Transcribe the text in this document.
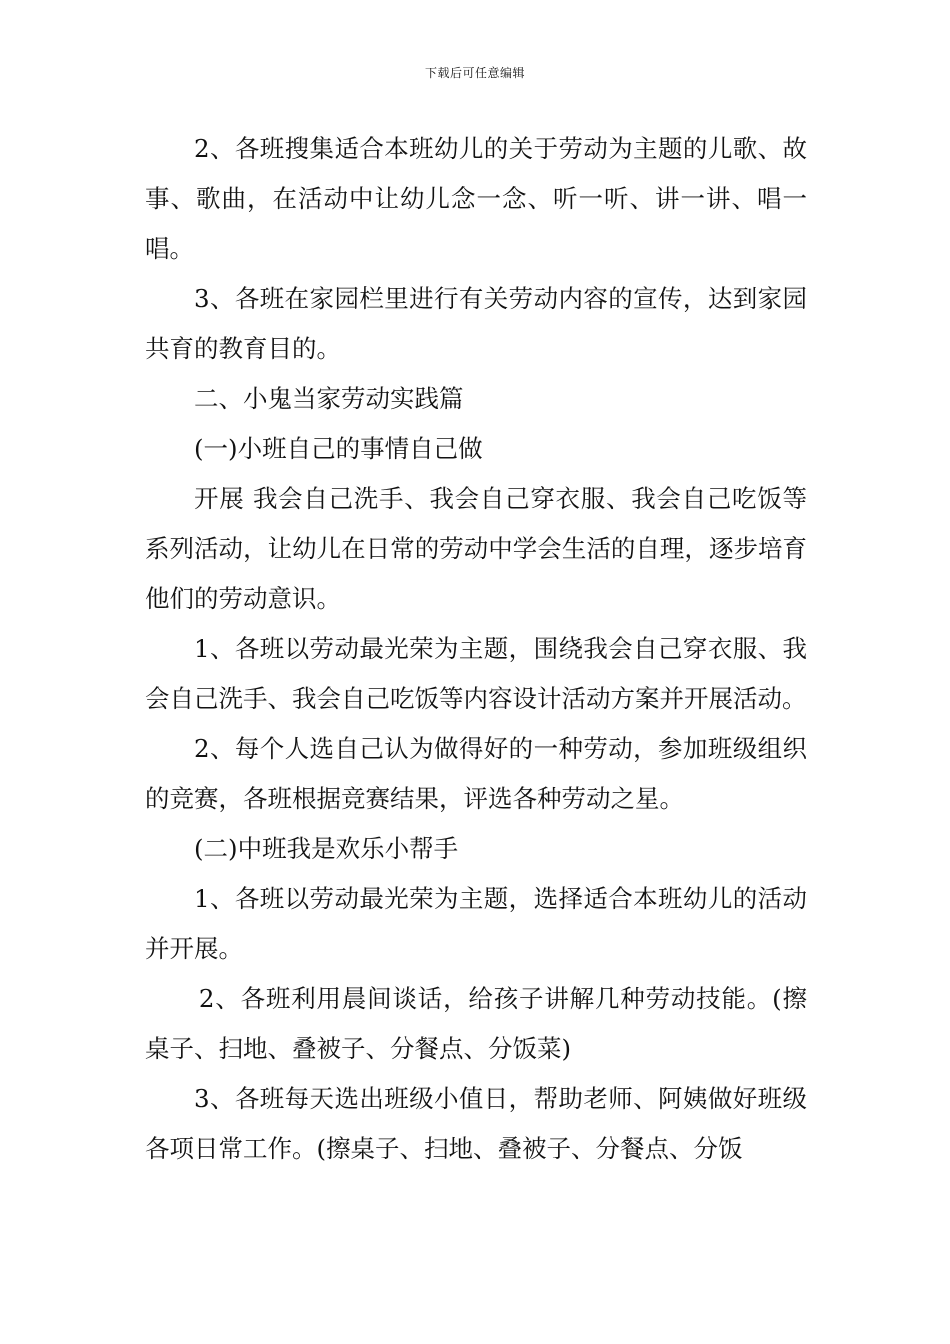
下载后可任意编辑

2、各班搜集适合本班幼儿的关于劳动为主题的儿歌、故事、歌曲，在活动中让幼儿念一念、听一听、讲一讲、唱一唱。

3、各班在家园栏里进行有关劳动内容的宣传，达到家园共育的教育目的。

二、小鬼当家劳动实践篇

(一)小班自己的事情自己做

开展 我会自己洗手、我会自己穿衣服、我会自己吃饭等系列活动，让幼儿在日常的劳动中学会生活的自理，逐步培育他们的劳动意识。

1、各班以劳动最光荣为主题，围绕我会自己穿衣服、我会自己洗手、我会自己吃饭等内容设计活动方案并开展活动。

2、每个人选自己认为做得好的一种劳动，参加班级组织的竞赛，各班根据竞赛结果，评选各种劳动之星。

(二)中班我是欢乐小帮手

1、各班以劳动最光荣为主题，选择适合本班幼儿的活动并开展。

2、各班利用晨间谈话，给孩子讲解几种劳动技能。(擦桌子、扫地、叠被子、分餐点、分饭菜)

3、各班每天选出班级小值日，帮助老师、阿姨做好班级各项日常工作。(擦桌子、扫地、叠被子、分餐点、分饭
